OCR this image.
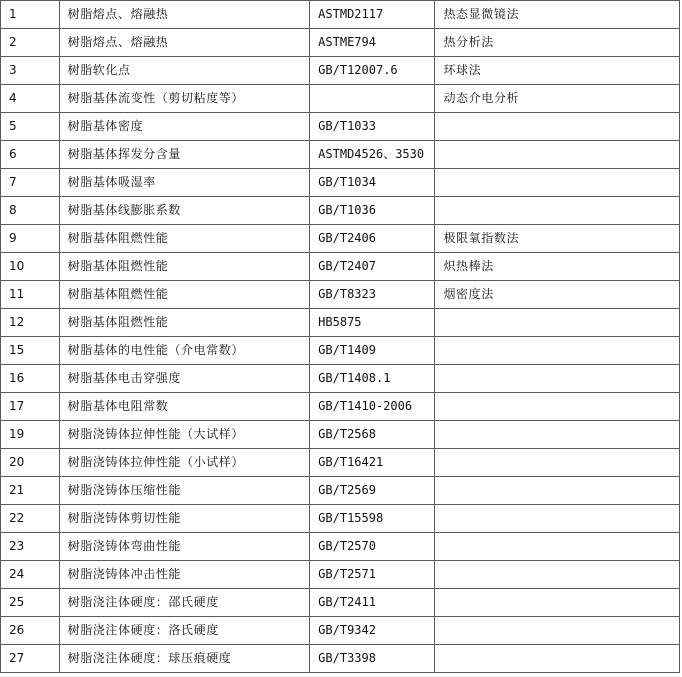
1	树脂熔点、熔融热	ASTMD2117	热态显微镜法
2	树脂熔点、熔融热	ASTME794	热分析法
3	树脂软化点	GB/T12007.6	环球法
4	树脂基体流变性（剪切粘度等）		动态介电分析
5	树脂基体密度	GB/T1033	
6	树脂基体挥发分含量	ASTMD4526、3530	
7	树脂基体吸湿率	GB/T1034	
8	树脂基体线膨胀系数	GB/T1036	
9	树脂基体阻燃性能	GB/T2406	极限氧指数法
10	树脂基体阻燃性能	GB/T2407	炽热棒法
11	树脂基体阻燃性能	GB/T8323	烟密度法
12	树脂基体阻燃性能	HB5875	
15	树脂基体的电性能（介电常数）	GB/T1409	
16	树脂基体电击穿强度	GB/T1408.1	
17	树脂基体电阻常数	GB/T1410-2006	
19	树脂浇铸体拉伸性能（大试样）	GB/T2568	
20	树脂浇铸体拉伸性能（小试样）	GB/T16421	
21	树脂浇铸体压缩性能	GB/T2569	
22	树脂浇铸体剪切性能	GB/T15598	
23	树脂浇铸体弯曲性能	GB/T2570	
24	树脂浇铸体冲击性能	GB/T2571	
25	树脂浇注体硬度：邵氏硬度	GB/T2411	
26	树脂浇注体硬度：洛氏硬度	GB/T9342	
27	树脂浇注体硬度：球压痕硬度	GB/T3398	
